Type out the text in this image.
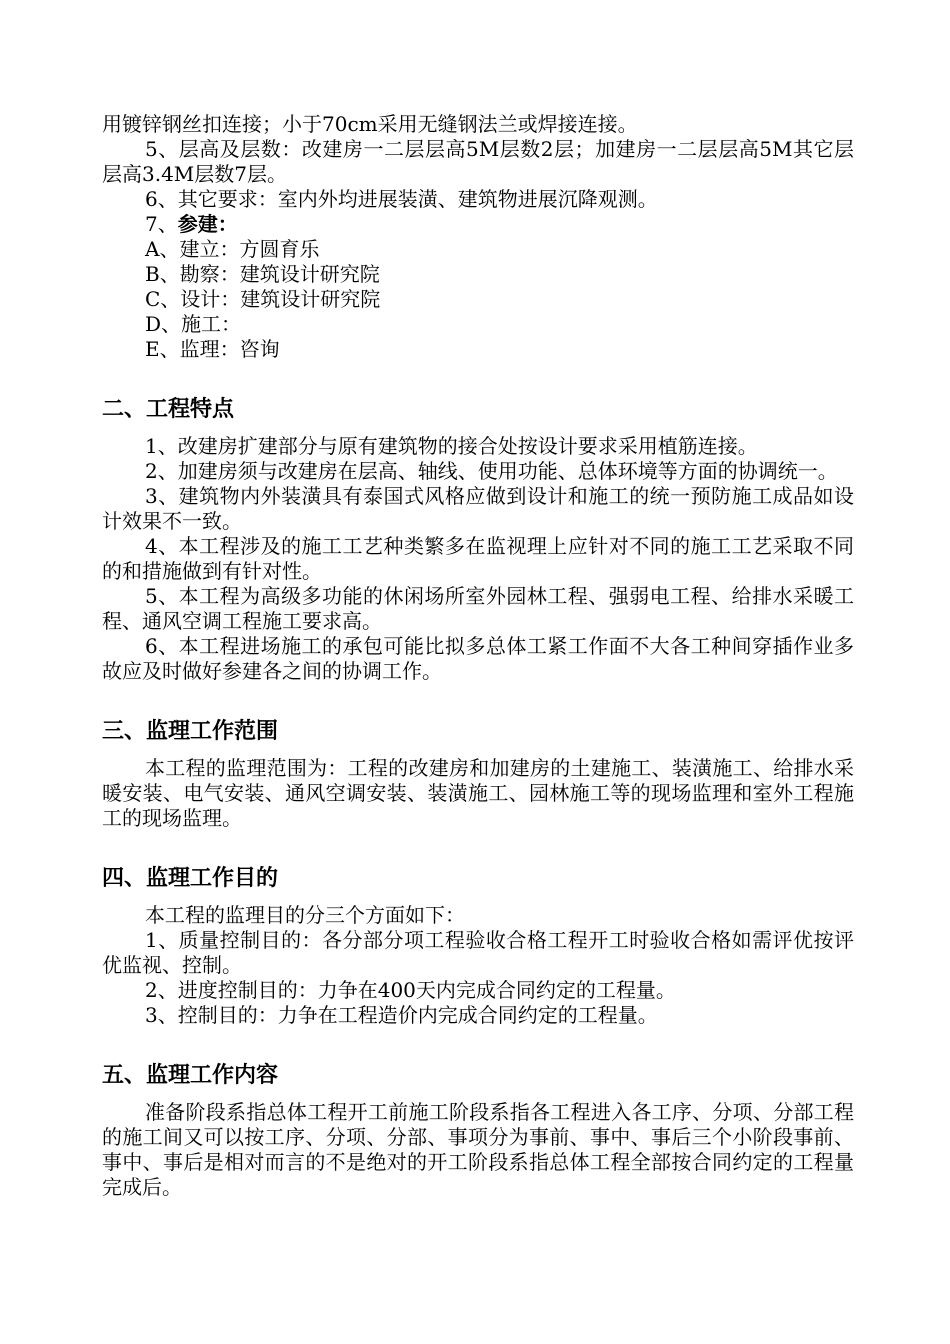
用镀锌钢丝扣连接；小于70cm采用无缝钢法兰或焊接连接。

5、层高及层数：改建房一二层层高5M层数2层；加建房一二层层高5M其它层层高3.4M层数7层。

6、其它要求：室内外均进展装潢、建筑物进展沉降观测。

7、参建：

A、建立：方圆育乐

B、勘察：建筑设计研究院

C、设计：建筑设计研究院

D、施工：

E、监理：咨询

二、工程特点

1、改建房扩建部分与原有建筑物的接合处按设计要求采用植筋连接。

2、加建房须与改建房在层高、轴线、使用功能、总体环境等方面的协调统一。

3、建筑物内外装潢具有泰国式风格应做到设计和施工的统一预防施工成品如设计效果不一致。

4、本工程涉及的施工工艺种类繁多在监视理上应针对不同的施工工艺采取不同的和措施做到有针对性。

5、本工程为高级多功能的休闲场所室外园林工程、强弱电工程、给排水采暖工程、通风空调工程施工要求高。

6、本工程进场施工的承包可能比拟多总体工紧工作面不大各工种间穿插作业多故应及时做好参建各之间的协调工作。

三、监理工作范围

本工程的监理范围为：工程的改建房和加建房的土建施工、装潢施工、给排水采暖安装、电气安装、通风空调安装、装潢施工、园林施工等的现场监理和室外工程施工的现场监理。

四、监理工作目的

本工程的监理目的分三个方面如下：

1、质量控制目的：各分部分项工程验收合格工程开工时验收合格如需评优按评优监视、控制。

2、进度控制目的：力争在400天内完成合同约定的工程量。

3、控制目的：力争在工程造价内完成合同约定的工程量。

五、监理工作内容

准备阶段系指总体工程开工前施工阶段系指各工程进入各工序、分项、分部工程的施工间又可以按工序、分项、分部、事项分为事前、事中、事后三个小阶段事前、事中、事后是相对而言的不是绝对的开工阶段系指总体工程全部按合同约定的工程量完成后。
